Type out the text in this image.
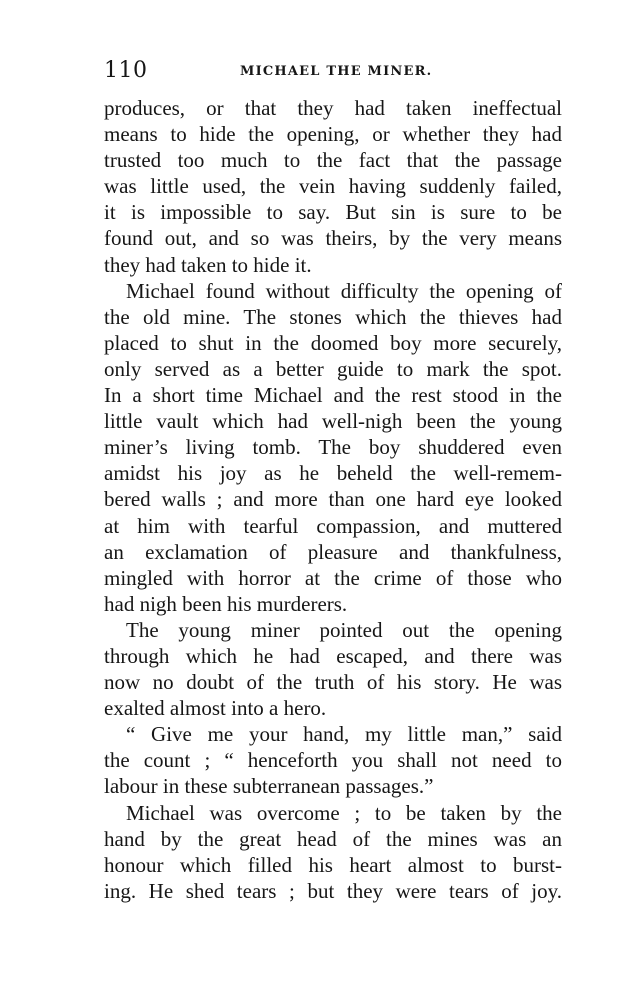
110	MICHAEL THE MINER.
produces, or that they had taken ineffectual
means to hide the opening, or whether they had
trusted too much to the fact that the passage
was little used, the vein having suddenly failed,
it is impossible to say. But sin is sure to be
found out, and so was theirs, by the very means
they had taken to hide it.
Michael found without difficulty the opening of
the old mine. The stones which the thieves had
placed to shut in the doomed boy more securely,
only served as a better guide to mark the spot.
In a short time Michael and the rest stood in the
little vault which had well-nigh been the young
miner’s living tomb. The boy shuddered even
amidst his joy as he beheld the well-remem-
bered walls ; and more than one hard eye looked
at him with tearful compassion, and muttered
an exclamation of pleasure and thankfulness,
mingled with horror at the crime of those who
had nigh been his murderers.
The young miner pointed out the opening
through which he had escaped, and there was
now no doubt of the truth of his story. He was
exalted almost into a hero.
“ Give me your hand, my little man,” said
the count ; “ henceforth you shall not need to
labour in these subterranean passages.”
Michael was overcome ; to be taken by the
hand by the great head of the mines was an
honour which filled his heart almost to burst-
ing. He shed tears ; but they were tears of joy.
